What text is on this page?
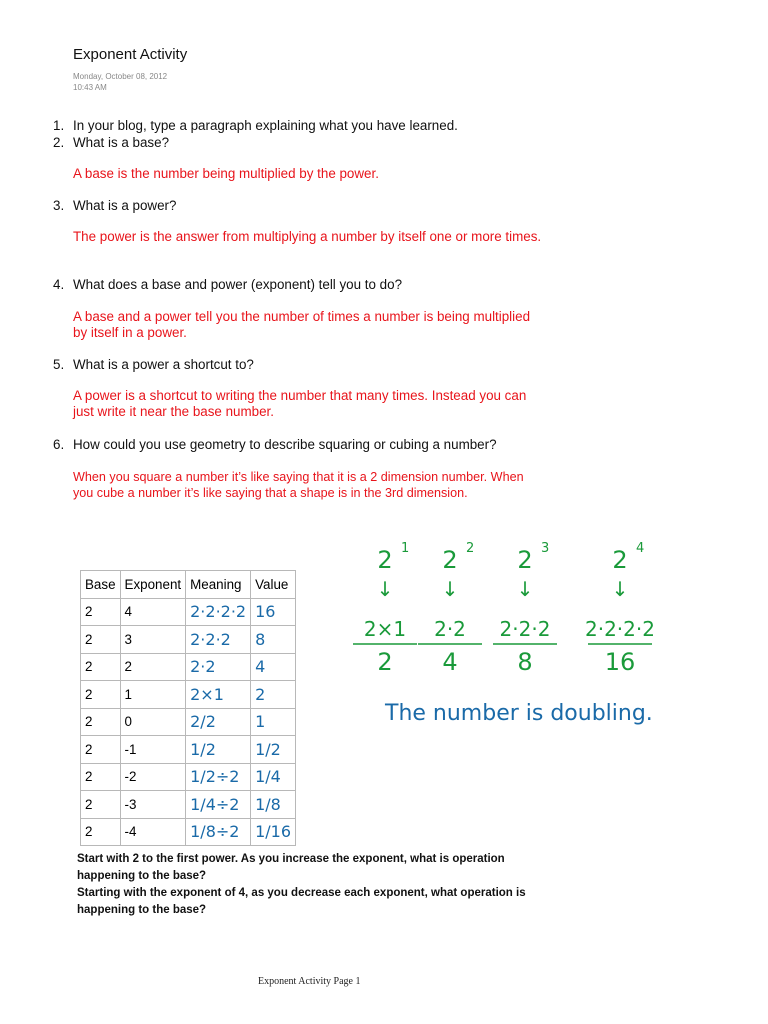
Exponent Activity
Monday, October 08, 2012
10:43 AM
1. In your blog, type a paragraph explaining what you have learned.
2. What is a base?
A base is the number being multiplied by the power.
3. What is a power?
The power is the answer from multiplying a number by itself one or more times.
4. What does a base and power (exponent) tell you to do?
A base and a power tell you the number of times a number is being multiplied by itself in a power.
5. What is a power a shortcut to?
A power is a shortcut to writing the number that many times. Instead you can just write it near the base number.
6. How could you use geometry to describe squaring or cubing a number?
When you square a number it’s like saying that it is a 2 dimension number. When you cube a number it’s like saying that a shape is in the 3rd dimension.
Base	Exponent	Meaning	Value
2	4	2·2·2·2	16
2	3	2·2·2	8
2	2	2·2	4
2	1	2×1	2
2	0	2/2	1
2	-1	1/2	1/2
2	-2	1/2÷2	1/4
2	-3	1/4÷2	1/8
2	-4	1/8÷2	1/16
2 1
↓
2×1
2
2 2
↓
2·2
4
2 3
↓
2·2·2
8
2 4
↓
2·2·2·2
16
The number is doubling.
Start with 2 to the first power. As you increase the exponent, what is operation happening to the base?
Starting with the exponent of 4, as you decrease each exponent, what operation is happening to the base?
Exponent Activity Page 1
